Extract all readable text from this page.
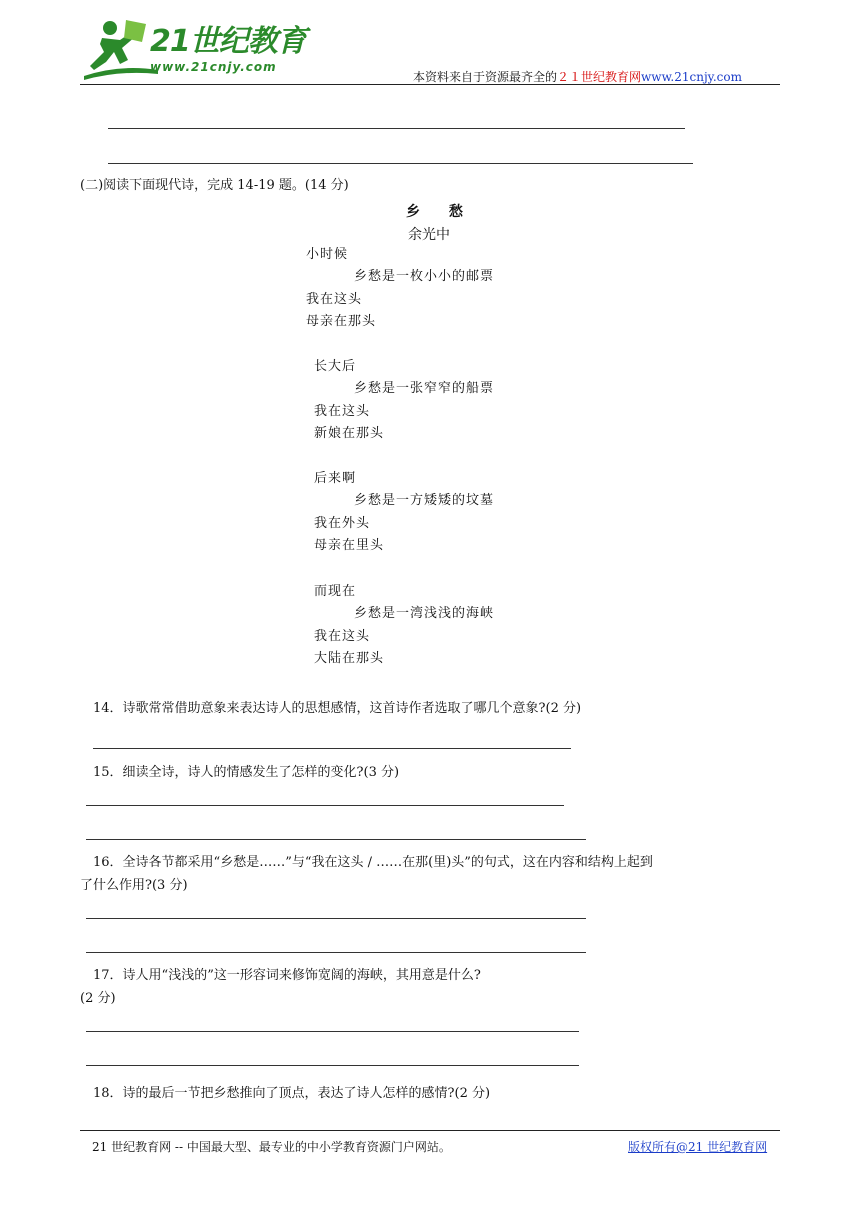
21世纪教育
www.21cnjy.com
本资料来自于资源最齐全的２１世纪教育网www.21cnjy.com
(二)阅读下面现代诗，完成 14-19 题。(14 分)
乡 愁
余光中
小时候
乡愁是一枚小小的邮票
我在这头
母亲在那头
长大后
乡愁是一张窄窄的船票
我在这头
新娘在那头
后来啊
乡愁是一方矮矮的坟墓
我在外头
母亲在里头
而现在
乡愁是一湾浅浅的海峡
我在这头
大陆在那头
14．诗歌常常借助意象来表达诗人的思想感情，这首诗作者选取了哪几个意象?(2 分)
15．细读全诗，诗人的情感发生了怎样的变化?(3 分)
16．全诗各节都采用“乡愁是……”与“我在这头 / ……在那(里)头”的句式，这在内容和结构上起到
了什么作用?(3 分)
17．诗人用“浅浅的”这一形容词来修饰宽阔的海峡，其用意是什么?
(2 分)
18．诗的最后一节把乡愁推向了顶点，表达了诗人怎样的感情?(2 分)
21 世纪教育网 -- 中国最大型、最专业的中小学教育资源门户网站。	版权所有@21 世纪教育网
